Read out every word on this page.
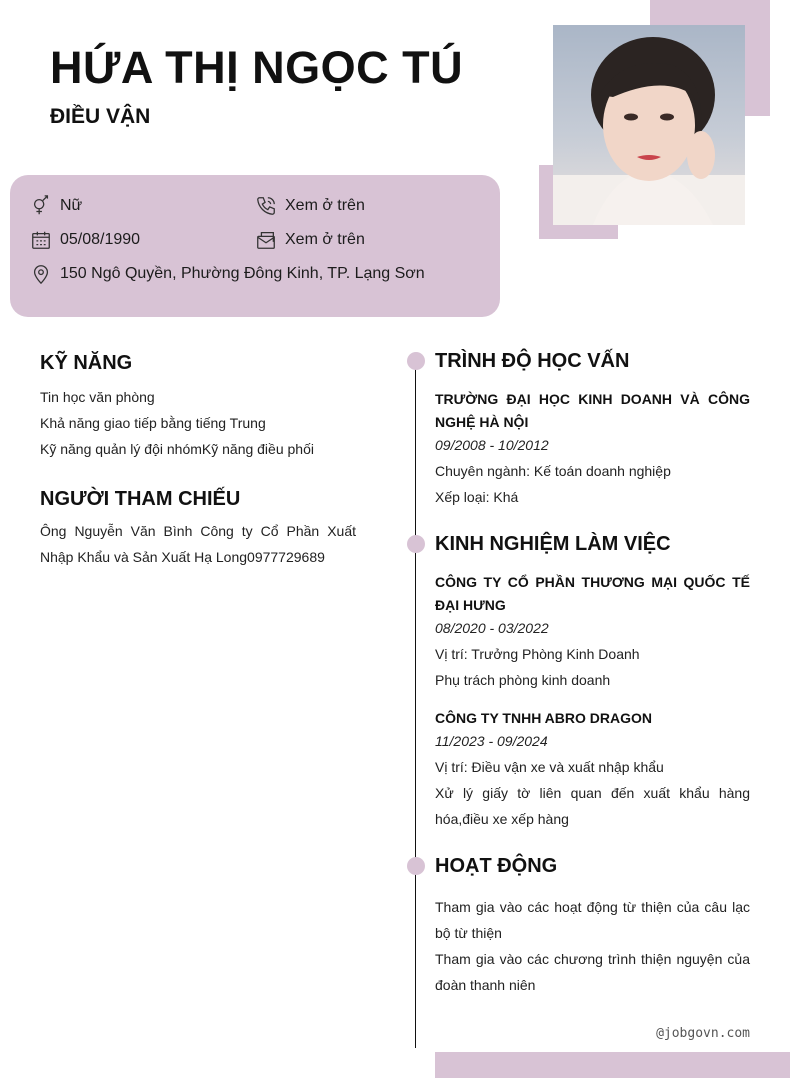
HỨA THỊ NGỌC TÚ
ĐIỀU VẬN
Nữ	Xem ở trên
05/08/1990	Xem ở trên
150 Ngô Quyền, Phường Đông Kinh, TP. Lạng Sơn
KỸ NĂNG
Tin học văn phòng
Khả năng giao tiếp bằng tiếng Trung
Kỹ năng quản lý độ̣i nhómKỹ năng điều phối
NGƯỜI THAM CHIẾU
Ông Nguyễn Văn Bình Công ty Cổ Phần Xuất Nhập Khẩu và Sản Xuất Hạ Long0977729689
TRÌNH ĐỘ HỌC VẤN
TRƯỜNG ĐẠI HỌC KINH DOANH VÀ CÔNG NGHỆ HÀ NỘI
09/2008 - 10/2012
Chuyên ngành: Kế toán doanh nghiệp
Xếp loại: Khá
KINH NGHIỆM LÀM VIỆC
CÔNG TY CỔ PHẦN THƯƠNG MẠI QUỐC TẾ ĐẠI HƯNG
08/2020 - 03/2022
Vị trí: Trưởng Phòng Kinh Doanh
Phụ trách phòng kinh doanh
CÔNG TY TNHH ABRO DRAGON
11/2023 - 09/2024
Vị trí: Điều vận xe và xuất nhập khẩu
Xử lý giấy tờ liên quan đến xuất khẩu hàng hóa,điều xe xếp hàng
HOẠT ĐỘNG
Tham gia vào các hoạt động từ thiện của câu lạc bộ từ thiện
Tham gia vào các chương trình thiện nguyện của đoàn thanh niên
@jobgovn.com
